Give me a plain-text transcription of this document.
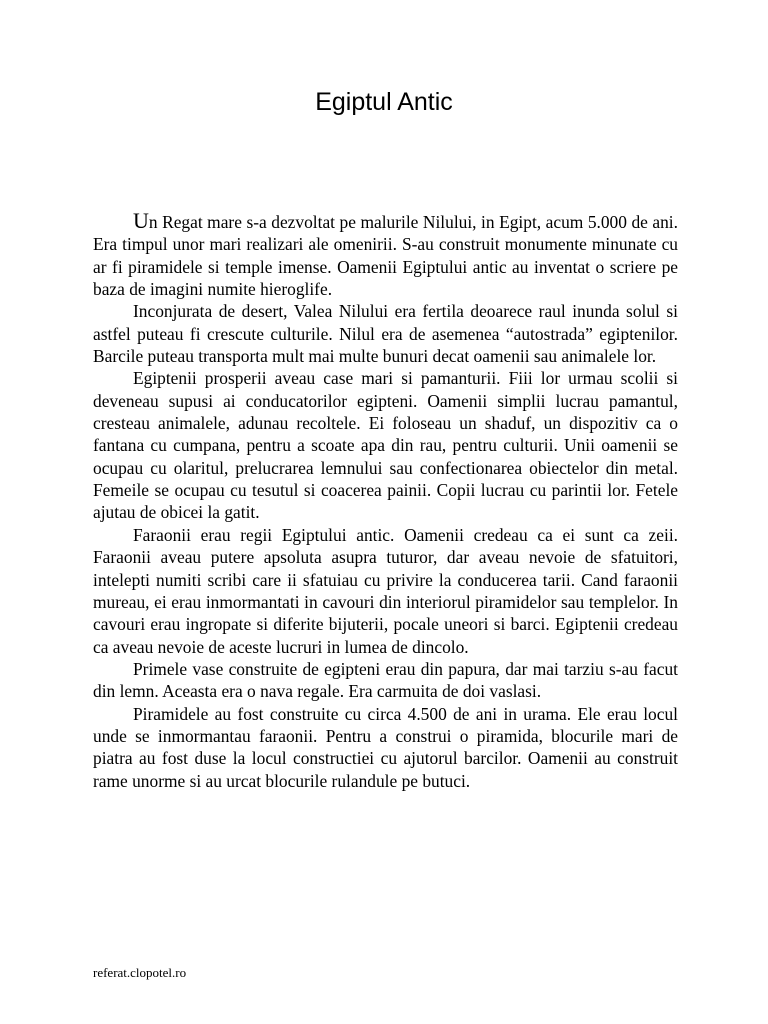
Egiptul Antic

Un Regat mare s-a dezvoltat pe malurile Nilului, in Egipt, acum 5.000 de ani. Era timpul unor mari realizari ale omenirii. S-au construit monumente minunate cu ar fi piramidele si temple imense. Oamenii Egiptului antic au inventat o scriere pe baza de imagini numite hieroglife.

Inconjurata de desert, Valea Nilului era fertila deoarece raul inunda solul si astfel puteau fi crescute culturile. Nilul era de asemenea “autostrada” egiptenilor. Barcile puteau transporta mult mai multe bunuri decat oamenii sau animalele lor.

Egiptenii prosperii aveau case mari si pamanturii. Fiii lor urmau scolii si deveneau supusi ai conducatorilor egipteni. Oamenii simplii lucrau pamantul, cresteau animalele, adunau recoltele. Ei foloseau un shaduf, un dispozitiv ca o fantana cu cumpana, pentru a scoate apa din rau, pentru culturii. Unii oamenii se ocupau cu olaritul, prelucrarea lemnului sau confectionarea obiectelor din metal. Femeile se ocupau cu tesutul si coacerea painii. Copii lucrau cu parintii lor. Fetele ajutau de obicei la gatit.

Faraonii erau regii Egiptului antic. Oamenii credeau ca ei sunt ca zeii. Faraonii aveau putere apsoluta asupra tuturor, dar aveau nevoie de sfatuitori, intelepti numiti scribi care ii sfatuiau cu privire la conducerea tarii. Cand faraonii mureau, ei erau inmormantati in cavouri din interiorul piramidelor sau templelor. In cavouri erau ingropate si diferite bijuterii, pocale uneori si barci. Egiptenii credeau ca aveau nevoie de aceste lucruri in lumea de dincolo.

Primele vase construite de egipteni erau din papura, dar mai tarziu s-au facut din lemn. Aceasta era o nava regale. Era carmuita de doi vaslasi.

Piramidele au fost construite cu circa 4.500 de ani in urama. Ele erau locul unde se inmormantau faraonii. Pentru a construi o piramida, blocurile mari de piatra au fost duse la locul constructiei cu ajutorul barcilor. Oamenii au construit rame unorme si au urcat blocurile rulandule pe butuci.

referat.clopotel.ro
